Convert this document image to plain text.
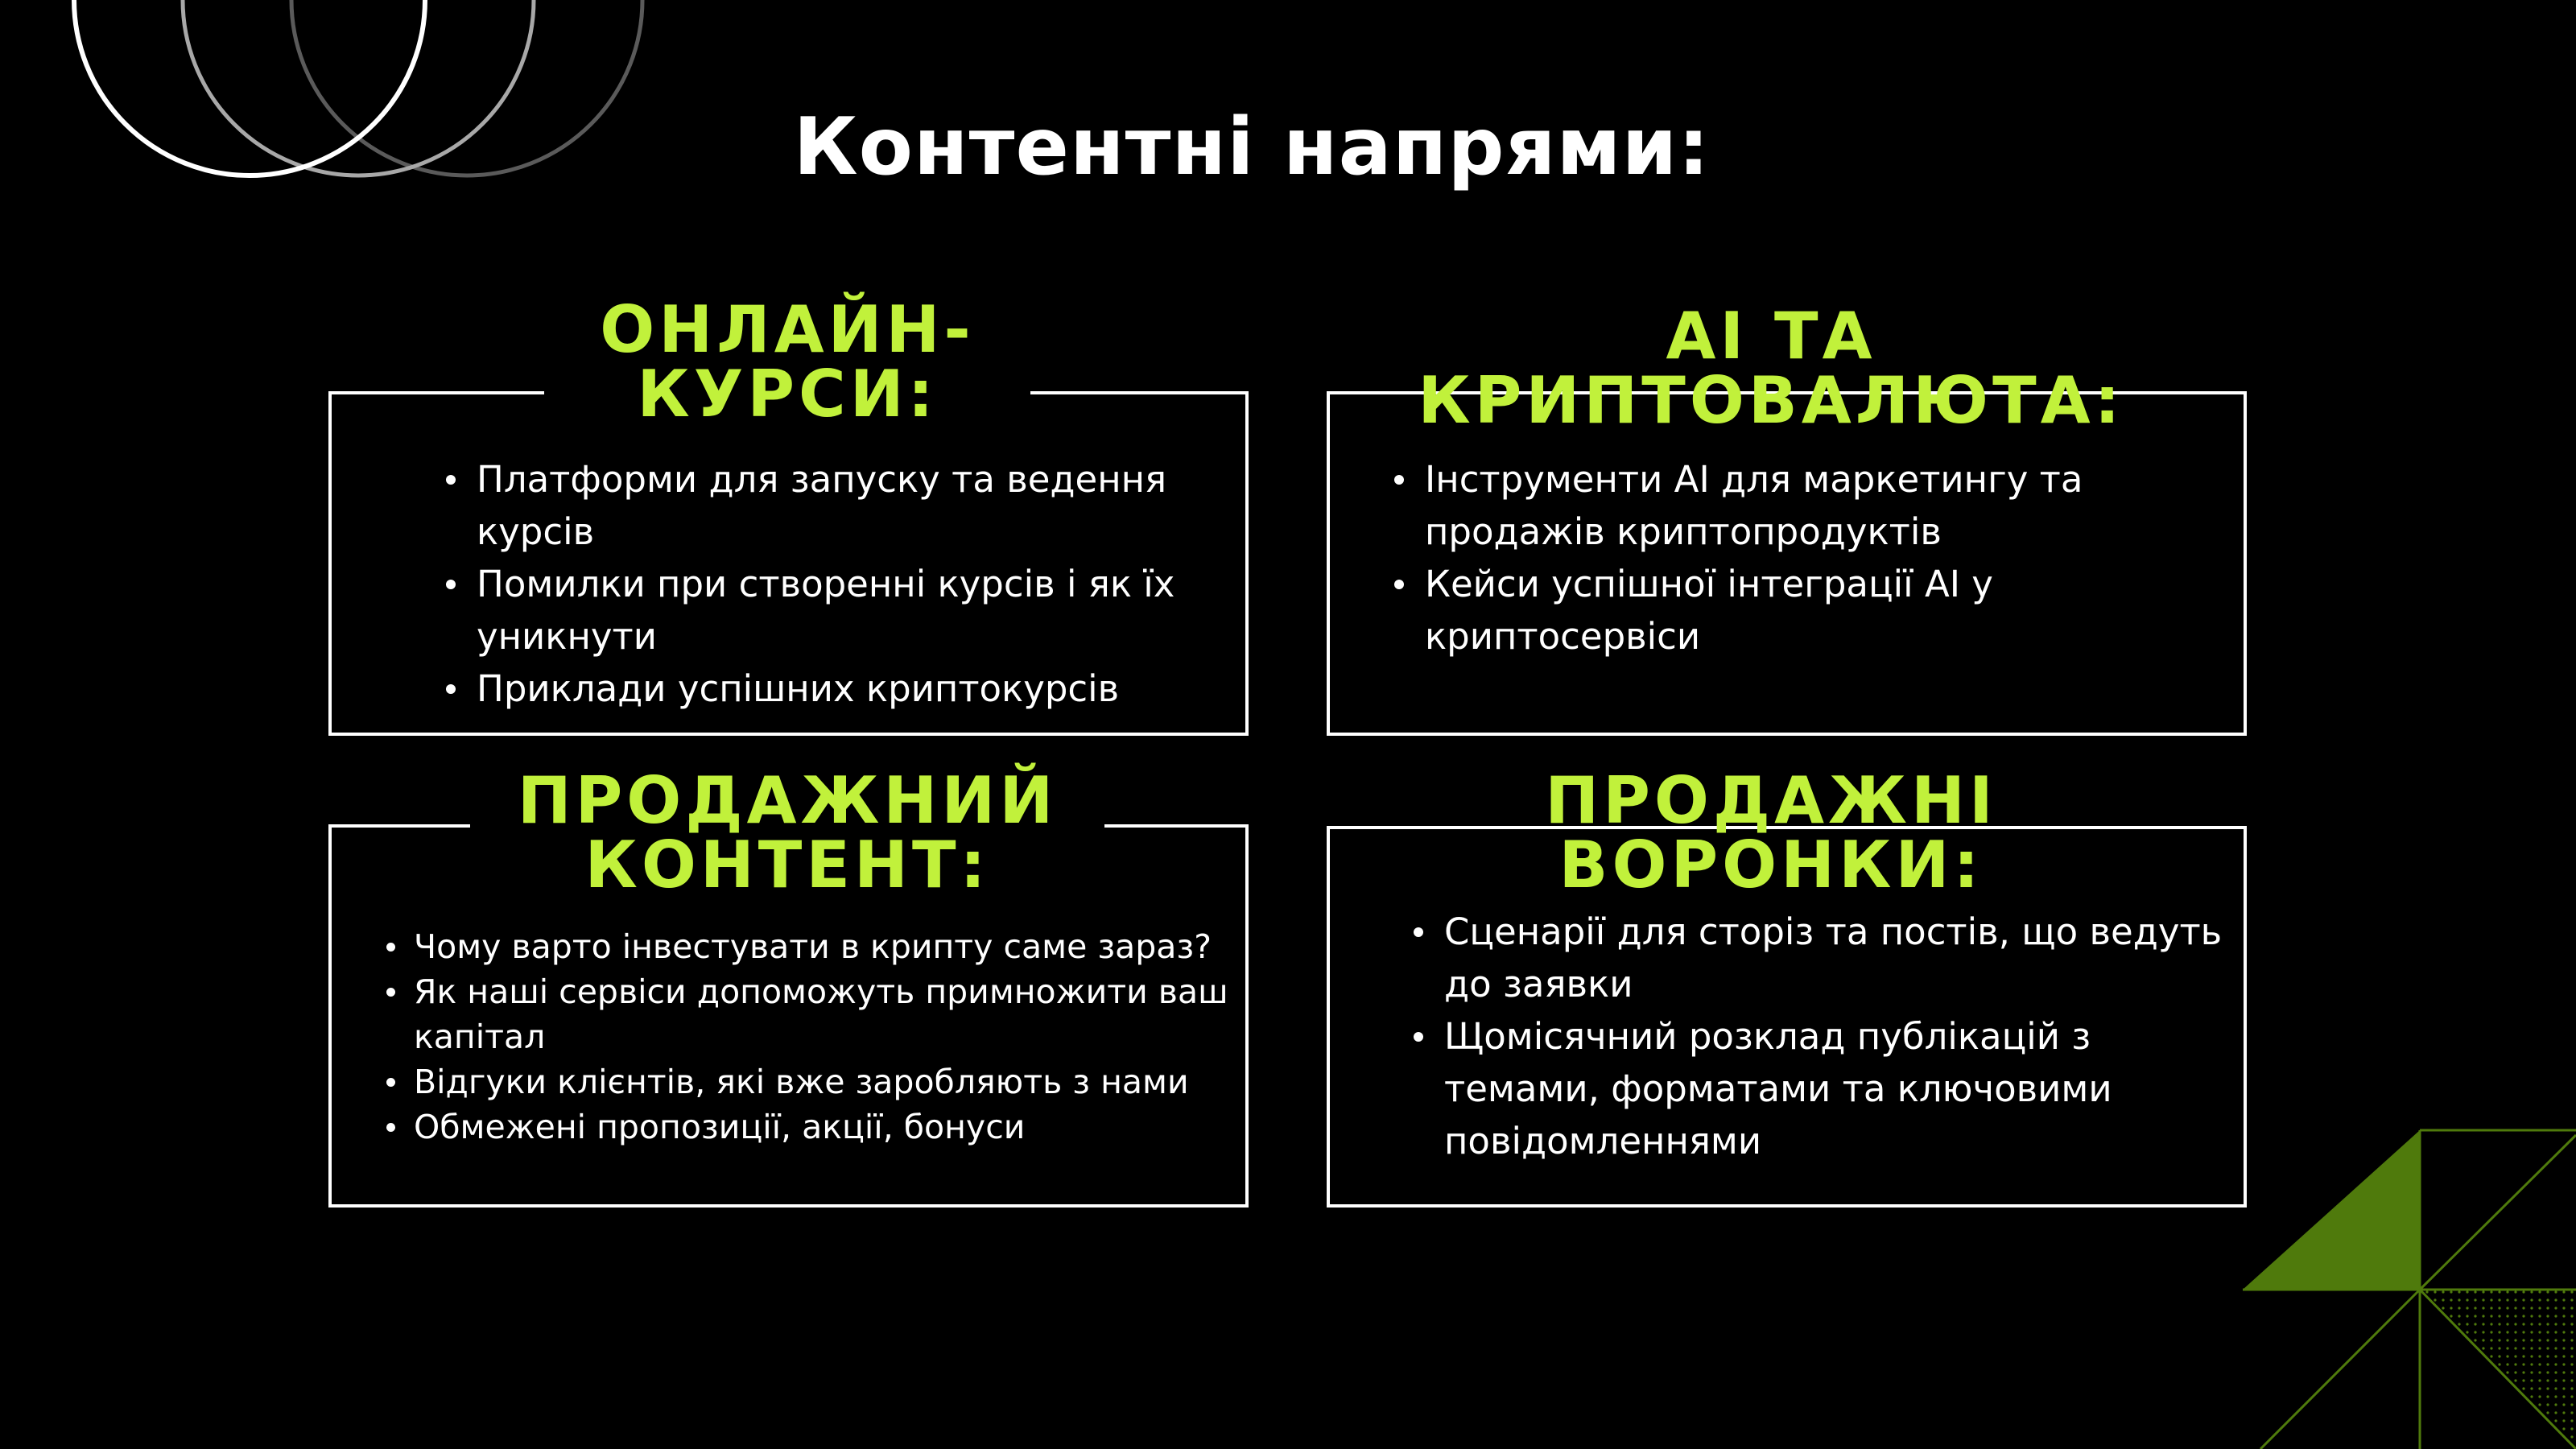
Контентні напрями:
ОНЛАЙН-
КУРСИ:
Платформи для запуску та ведення курсів
Помилки при створенні курсів і як їх уникнути
Приклади успішних криптокурсів
AI ТА
КРИПТОВАЛЮТА:
Інструменти AI для маркетингу та продажів криптопродуктів
Кейси успішної інтеграції AI у криптосервіси
ПРОДАЖНИЙ
КОНТЕНТ:
Чому варто інвестувати в крипту саме зараз?
Як наші сервіси допоможуть примножити ваш капітал
Відгуки клієнтів, які вже заробляють з нами
Обмежені пропозиції, акції, бонуси
ПРОДАЖНІ
ВОРОНКИ:
Сценарії для сторіз та постів, що ведуть до заявки
Щомісячний розклад публікацій з темами, форматами та ключовими повідомленнями
